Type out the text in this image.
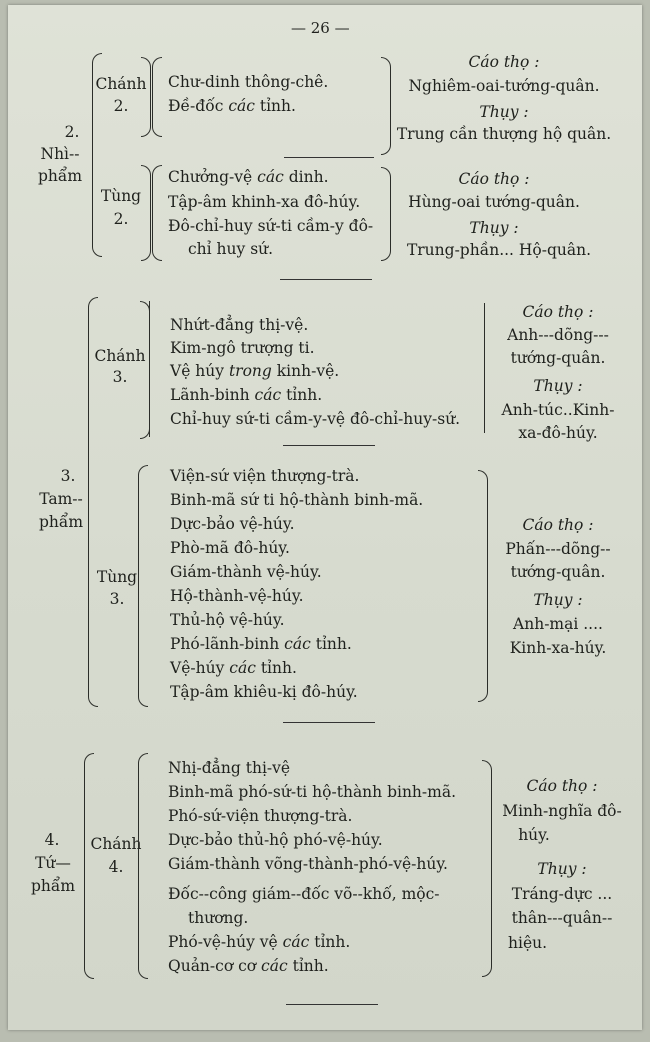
— 26 —
2.
Nhì--
phẩm
Chánh
2.
Chư-dinh thông-chê.
Đề-đốc các tỉnh.
Cáo thọ :
Nghiêm-oai-tướng-quân.
Thụy :
Trung cần thượng hộ quân.
Tùng
2.
Chưởng-vệ các dinh.
Tập-âm khinh-xa đô-húy.
Đô-chỉ-huy sứ-ti cầm-y đô-
chỉ huy sứ.
Cáo thọ :
Hùng-oai tướng-quân.
Thụy :
Trung-phần... Hộ-quân.
3.
Tam--
phẩm
Chánh
3.
Nhứt-đẳng thị-vệ.
Kim-ngô trượng ti.
Vệ húy trong kinh-vệ.
Lãnh-binh các tỉnh.
Chỉ-huy sứ-ti cầm-y-vệ đô-chỉ-huy-sứ.
Cáo thọ :
Anh---dõng---
tướng-quân.
Thụy :
Anh-túc..Kinh-
xa-đô-húy.
Tùng
3.
Viện-sứ viện thượng-trà.
Binh-mã sứ ti hộ-thành binh-mã.
Dực-bảo vệ-húy.
Phò-mã đô-húy.
Giám-thành vệ-húy.
Hộ-thành-vệ-húy.
Thủ-hộ vệ-húy.
Phó-lãnh-binh các tỉnh.
Vệ-húy các tỉnh.
Tập-âm khiêu-kị đô-húy.
Cáo thọ :
Phấn---dõng--
tướng-quân.
Thụy :
Anh-mại ....
Kinh-xa-húy.
4.
Tứ—
phẩm
Chánh
4.
Nhị-đẳng thị-vệ
Binh-mã phó-sứ-ti hộ-thành binh-mã.
Phó-sứ-viện thượng-trà.
Dực-bảo thủ-hộ phó-vệ-húy.
Giám-thành võng-thành-phó-vệ-húy.
Đốc--công giám--đốc võ--khố, mộc-
thương.
Phó-vệ-húy vệ các tỉnh.
Quản-cơ cơ các tỉnh.
Cáo thọ :
Minh-nghĩa đô-
húy.
Thụy :
Tráng-dực ...
thân---quân--
hiệu.
